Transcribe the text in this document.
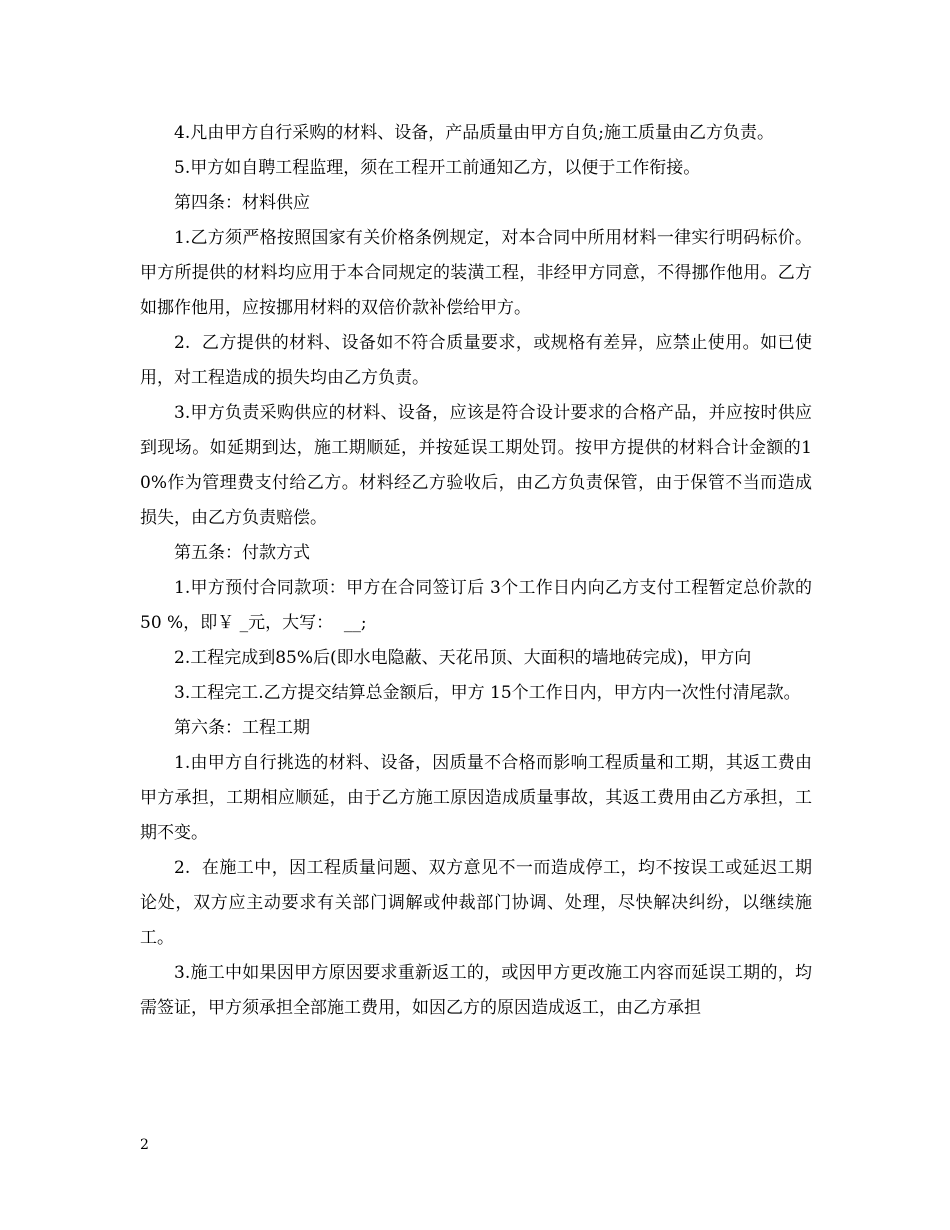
4.凡由甲方自行采购的材料、设备，产品质量由甲方自负;施工质量由乙方负责。

5.甲方如自聘工程监理，须在工程开工前通知乙方，以便于工作衔接。

第四条：材料供应

1.乙方须严格按照国家有关价格条例规定，对本合同中所用材料一律实行明码标价。甲方所提供的材料均应用于本合同规定的装潢工程，非经甲方同意，不得挪作他用。乙方如挪作他用，应按挪用材料的双倍价款补偿给甲方。

2.  乙方提供的材料、设备如不符合质量要求，或规格有差异，应禁止使用。如已使用，对工程造成的损失均由乙方负责。

3.甲方负责采购供应的材料、设备，应该是符合设计要求的合格产品，并应按时供应到现场。如延期到达，施工期顺延，并按延误工期处罚。按甲方提供的材料合计金额的10%作为管理费支付给乙方。材料经乙方验收后，由乙方负责保管，由于保管不当而造成损失，由乙方负责赔偿。

第五条：付款方式

1.甲方预付合同款项：甲方在合同签订后 3个工作日内向乙方支付工程暂定总价款的50 %，即￥ _元，大写：  __;

2.工程完成到85%后(即水电隐蔽、天花吊顶、大面积的墙地砖完成)，甲方向

3.工程完工.乙方提交结算总金额后，甲方 15个工作日内，甲方内一次性付清尾款。

第六条：工程工期

1.由甲方自行挑选的材料、设备，因质量不合格而影响工程质量和工期，其返工费由甲方承担，工期相应顺延，由于乙方施工原因造成质量事故，其返工费用由乙方承担，工期不变。

2.  在施工中，因工程质量问题、双方意见不一而造成停工，均不按误工或延迟工期论处，双方应主动要求有关部门调解或仲裁部门协调、处理，尽快解决纠纷，以继续施工。

3.施工中如果因甲方原因要求重新返工的，或因甲方更改施工内容而延误工期的，均需签证，甲方须承担全部施工费用，如因乙方的原因造成返工，由乙方承担

2
